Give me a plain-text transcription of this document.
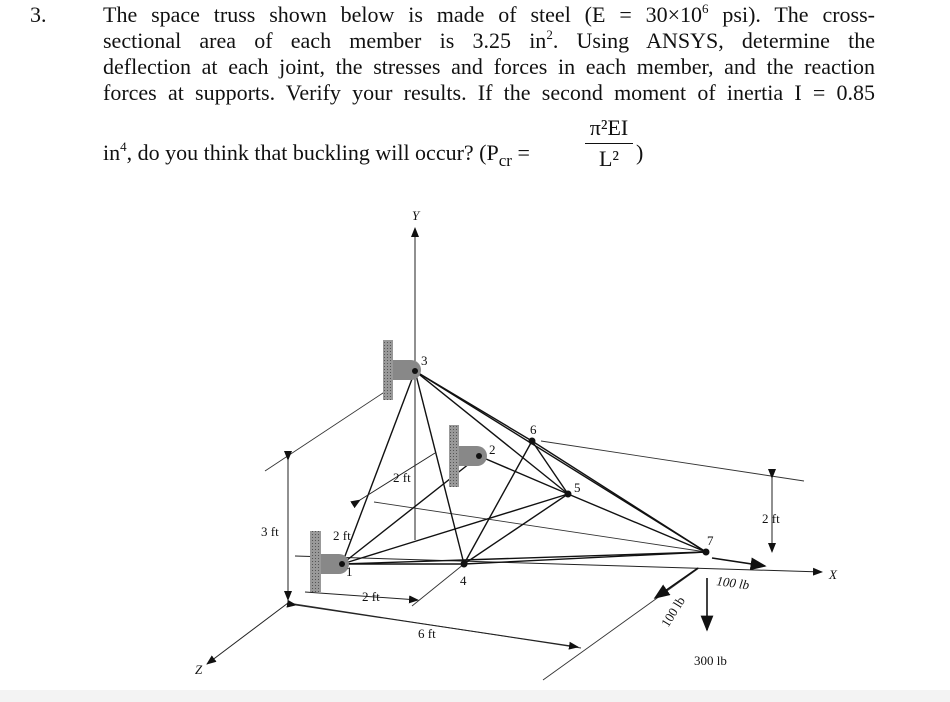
3.	The space truss shown below is made of steel ($E = 30\times 10^6$ psi). The cross-
sectional area of each member is 3.25 $in^2$. Using ANSYS, determine the
deflection at each joint, the stresses and forces in each member, and the reaction
forces at supports. Verify your results. If the second moment of inertia I = 0.85
$in^4$, do you think that buckling will occur? ($P_{cr}$ =
π²EI
L² )
Y
X
Z
1
2
3
4
5
6
7
3 ft
2 ft
2 ft
2 ft
6 ft
2 ft
100 lb
100 lb
300 lb
